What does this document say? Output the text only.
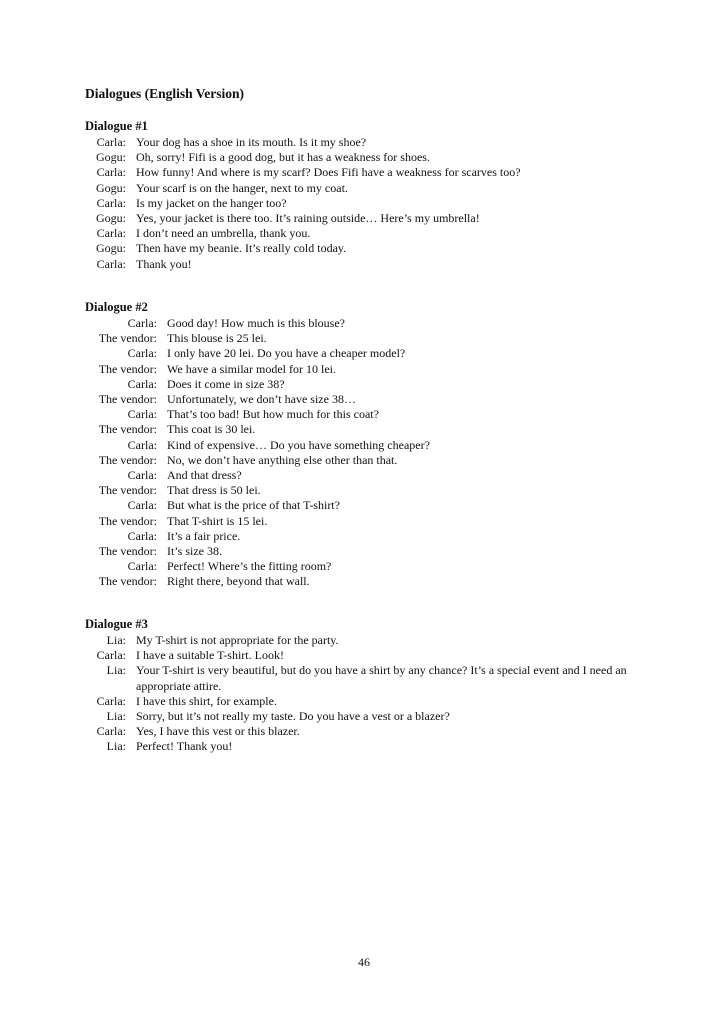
Dialogues (English Version)
Dialogue #1
Carla: Your dog has a shoe in its mouth. Is it my shoe?
Gogu: Oh, sorry! Fifi is a good dog, but it has a weakness for shoes.
Carla: How funny! And where is my scarf? Does Fifi have a weakness for scarves too?
Gogu: Your scarf is on the hanger, next to my coat.
Carla: Is my jacket on the hanger too?
Gogu: Yes, your jacket is there too. It’s raining outside… Here’s my umbrella!
Carla: I don’t need an umbrella, thank you.
Gogu: Then have my beanie. It’s really cold today.
Carla: Thank you!
Dialogue #2
Carla: Good day! How much is this blouse?
The vendor: This blouse is 25 lei.
Carla: I only have 20 lei. Do you have a cheaper model?
The vendor: We have a similar model for 10 lei.
Carla: Does it come in size 38?
The vendor: Unfortunately, we don’t have size 38…
Carla: That’s too bad! But how much for this coat?
The vendor: This coat is 30 lei.
Carla: Kind of expensive… Do you have something cheaper?
The vendor: No, we don’t have anything else other than that.
Carla: And that dress?
The vendor: That dress is 50 lei.
Carla: But what is the price of that T-shirt?
The vendor: That T-shirt is 15 lei.
Carla: It’s a fair price.
The vendor: It’s size 38.
Carla: Perfect! Where’s the fitting room?
The vendor: Right there, beyond that wall.
Dialogue #3
Lia: My T-shirt is not appropriate for the party.
Carla: I have a suitable T-shirt. Look!
Lia: Your T-shirt is very beautiful, but do you have a shirt by any chance? It’s a special event and I need an appropriate attire.
Carla: I have this shirt, for example.
Lia: Sorry, but it’s not really my taste. Do you have a vest or a blazer?
Carla: Yes, I have this vest or this blazer.
Lia: Perfect! Thank you!
46
